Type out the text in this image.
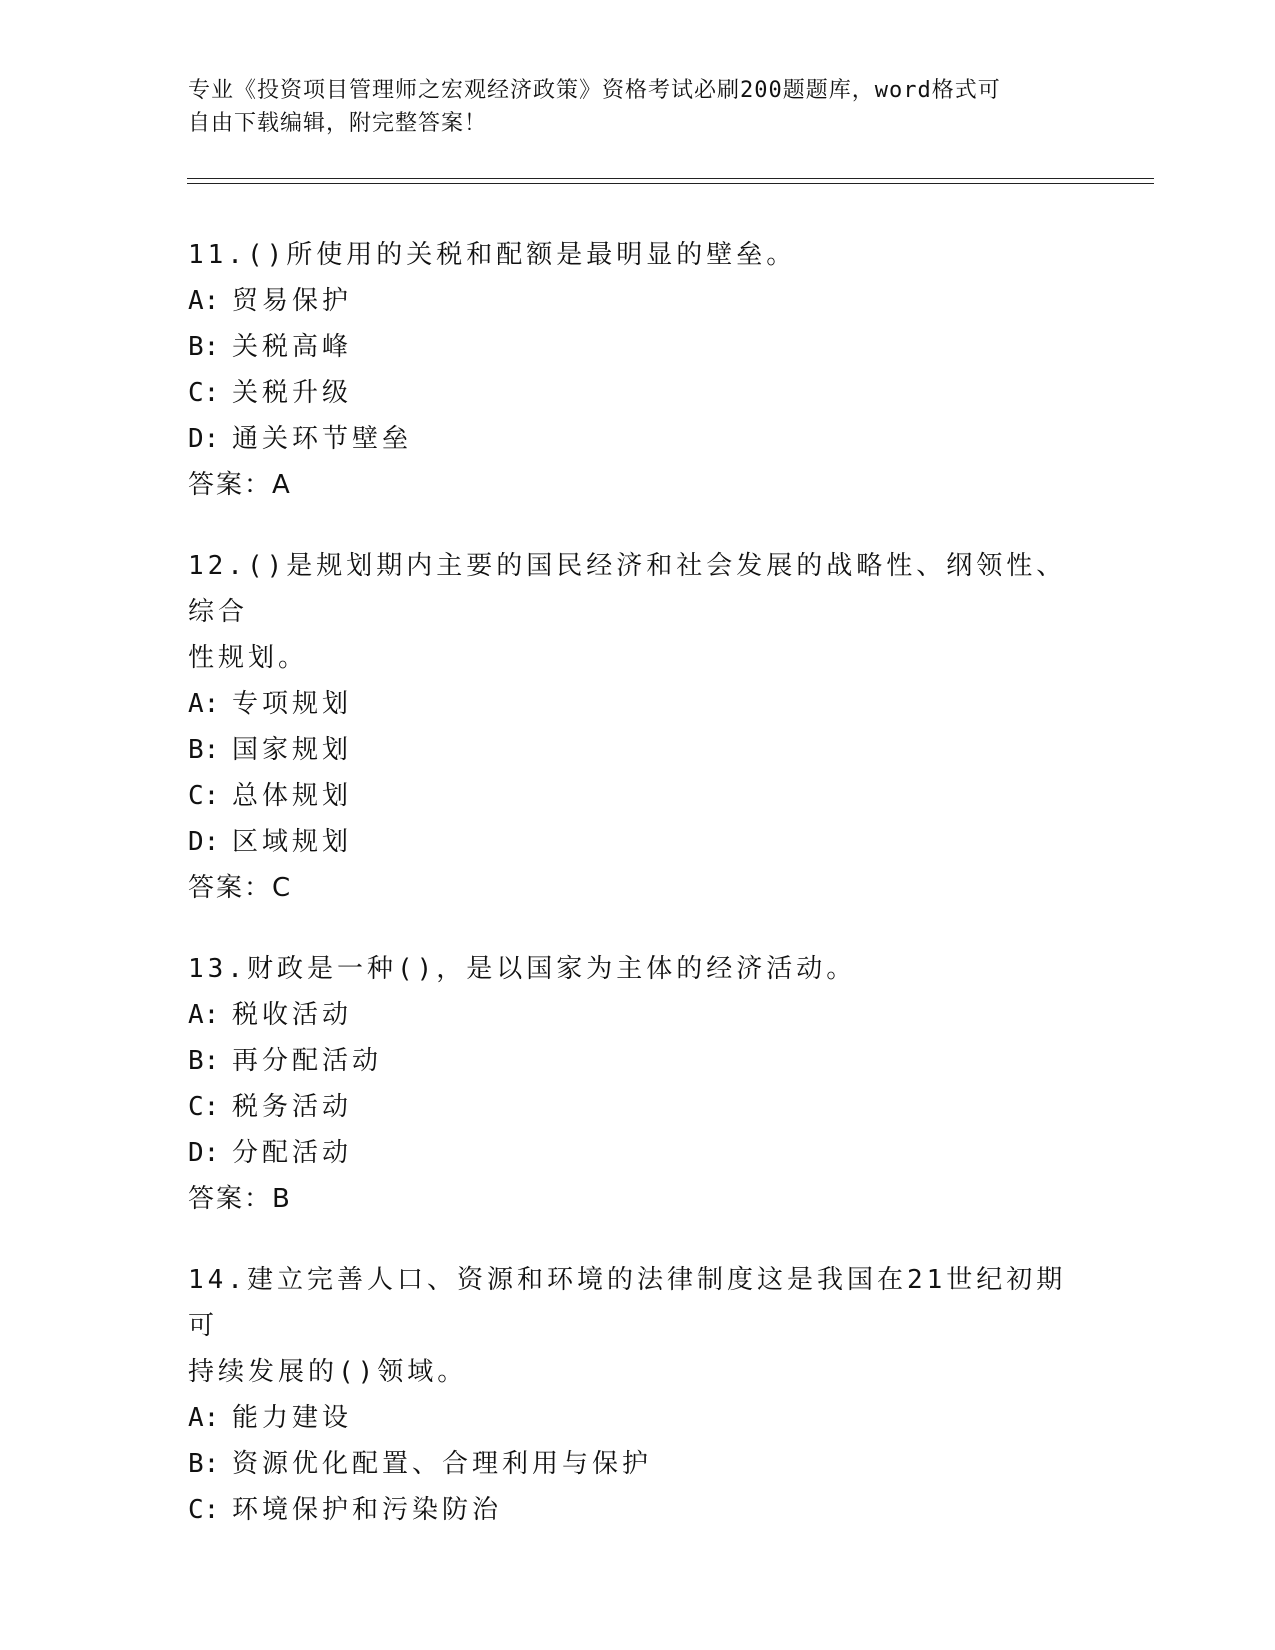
专业《投资项目管理师之宏观经济政策》资格考试必刷200题题库，word格式可
自由下载编辑，附完整答案！
11.()所使用的关税和配额是最明显的壁垒。
A: 贸易保护
B: 关税高峰
C: 关税升级
D: 通关环节壁垒
答案：A
12.()是规划期内主要的国民经济和社会发展的战略性、纲领性、综合
性规划。
A: 专项规划
B: 国家规划
C: 总体规划
D: 区域规划
答案：C
13.财政是一种()，是以国家为主体的经济活动。
A: 税收活动
B: 再分配活动
C: 税务活动
D: 分配活动
答案：B
14.建立完善人口、资源和环境的法律制度这是我国在21世纪初期可
持续发展的()领域。
A: 能力建设
B: 资源优化配置、合理利用与保护
C: 环境保护和污染防治
